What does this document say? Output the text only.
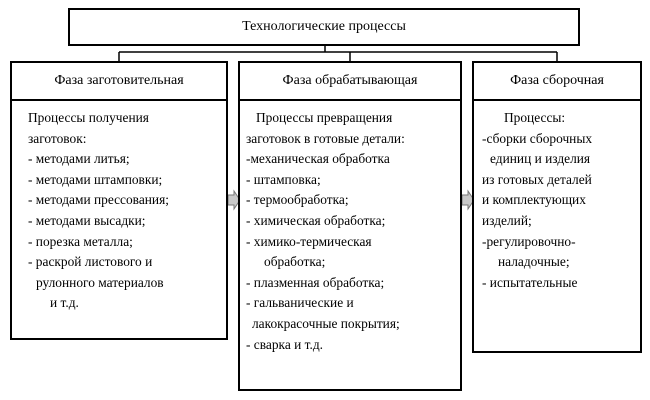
Технологические процессы
Фаза заготовительная
Процессы получения
заготовок:
- методами литья;
- методами штамповки;
- методами прессования;
- методами высадки;
- порезка металла;
- раскрой листового и
рулонного материалов
и т.д.
Фаза обрабатывающая
Процессы превращения
заготовок в готовые детали:
-механическая обработка
- штамповка;
- термообработка;
- химическая обработка;
- химико-термическая
обработка;
- плазменная обработка;
- гальванические и
лакокрасочные покрытия;
- сварка и т.д.
Фаза сборочная
Процессы:
-сборки сборочных
единиц и изделия
из готовых деталей
и комплектующих
изделий;
-регулировочно-
наладочные;
- испытательные
